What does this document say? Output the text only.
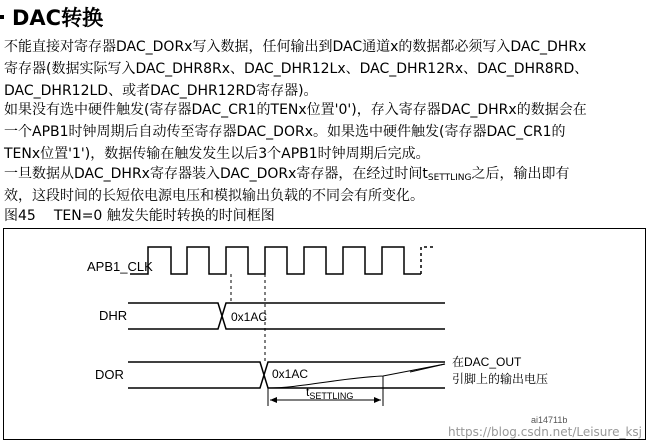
DAC转换
不能直接对寄存器DAC_DORx写入数据，任何输出到DAC通道x的数据都必须写入DAC_DHRx
寄存器(数据实际写入DAC_DHR8Rx、DAC_DHR12Lx、DAC_DHR12Rx、DAC_DHR8RD、
DAC_DHR12LD、或者DAC_DHR12RD寄存器)。
如果没有选中硬件触发(寄存器DAC_CR1的TENx位置'0')，存入寄存器DAC_DHRx的数据会在
一个APB1时钟周期后自动传至寄存器DAC_DORx。如果选中硬件触发(寄存器DAC_CR1的
TENx位置'1')，数据传输在触发发生以后3个APB1时钟周期后完成。
一旦数据从DAC_DHRx寄存器装入DAC_DORx寄存器，在经过时间$t_{SETTLING}$之后，输出即有
效，这段时间的长短依电源电压和模拟输出负载的不同会有所变化。
图45 TEN=0 触发失能时转换的时间框图
APB1_CLK
DHR	0x1AC
DOR	0x1AC
$t_{SETTLING}$
在DAC_OUT
引脚上的输出电压
ai14711b
https://blog.csdn.net/Leisure_ksj
